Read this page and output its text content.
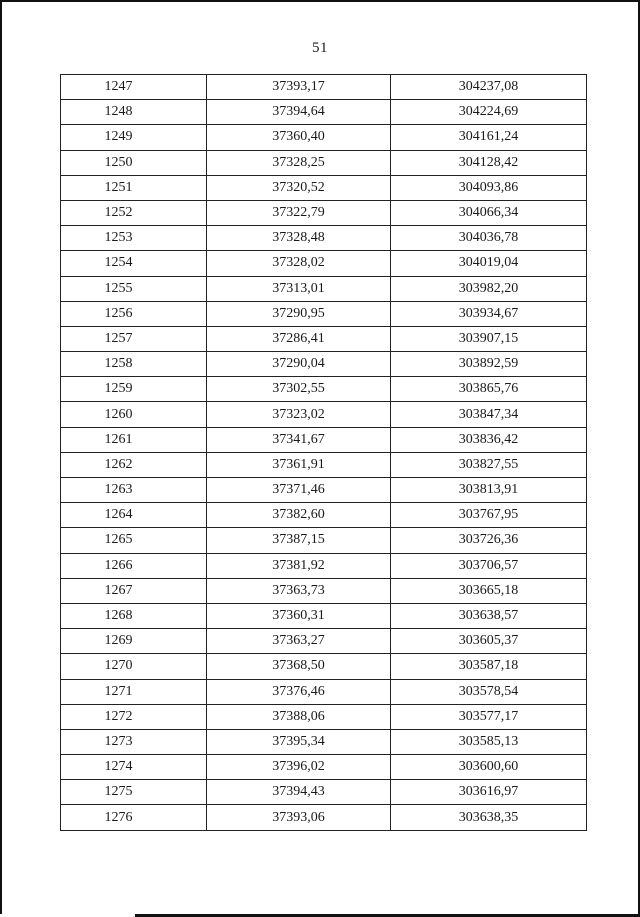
51
1247	37393,17	304237,08
1248	37394,64	304224,69
1249	37360,40	304161,24
1250	37328,25	304128,42
1251	37320,52	304093,86
1252	37322,79	304066,34
1253	37328,48	304036,78
1254	37328,02	304019,04
1255	37313,01	303982,20
1256	37290,95	303934,67
1257	37286,41	303907,15
1258	37290,04	303892,59
1259	37302,55	303865,76
1260	37323,02	303847,34
1261	37341,67	303836,42
1262	37361,91	303827,55
1263	37371,46	303813,91
1264	37382,60	303767,95
1265	37387,15	303726,36
1266	37381,92	303706,57
1267	37363,73	303665,18
1268	37360,31	303638,57
1269	37363,27	303605,37
1270	37368,50	303587,18
1271	37376,46	303578,54
1272	37388,06	303577,17
1273	37395,34	303585,13
1274	37396,02	303600,60
1275	37394,43	303616,97
1276	37393,06	303638,35
